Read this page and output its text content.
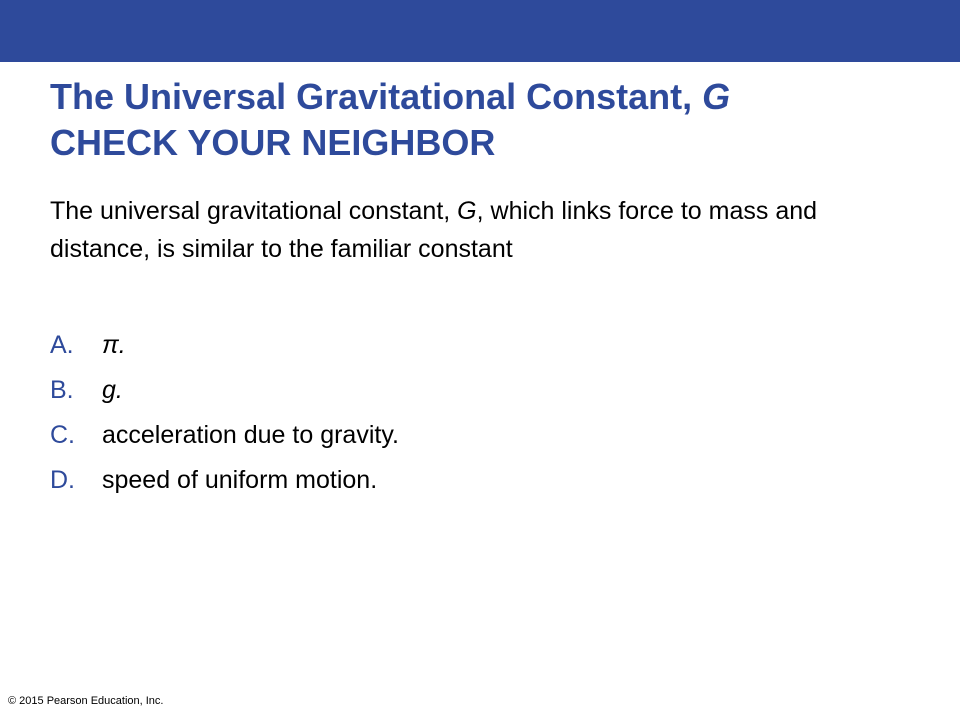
The Universal Gravitational Constant, G
CHECK YOUR NEIGHBOR
The universal gravitational constant, G, which links force to mass and distance, is similar to the familiar constant
A.	π.
B.	g.
C.	acceleration due to gravity.
D.	speed of uniform motion.
© 2015 Pearson Education, Inc.
